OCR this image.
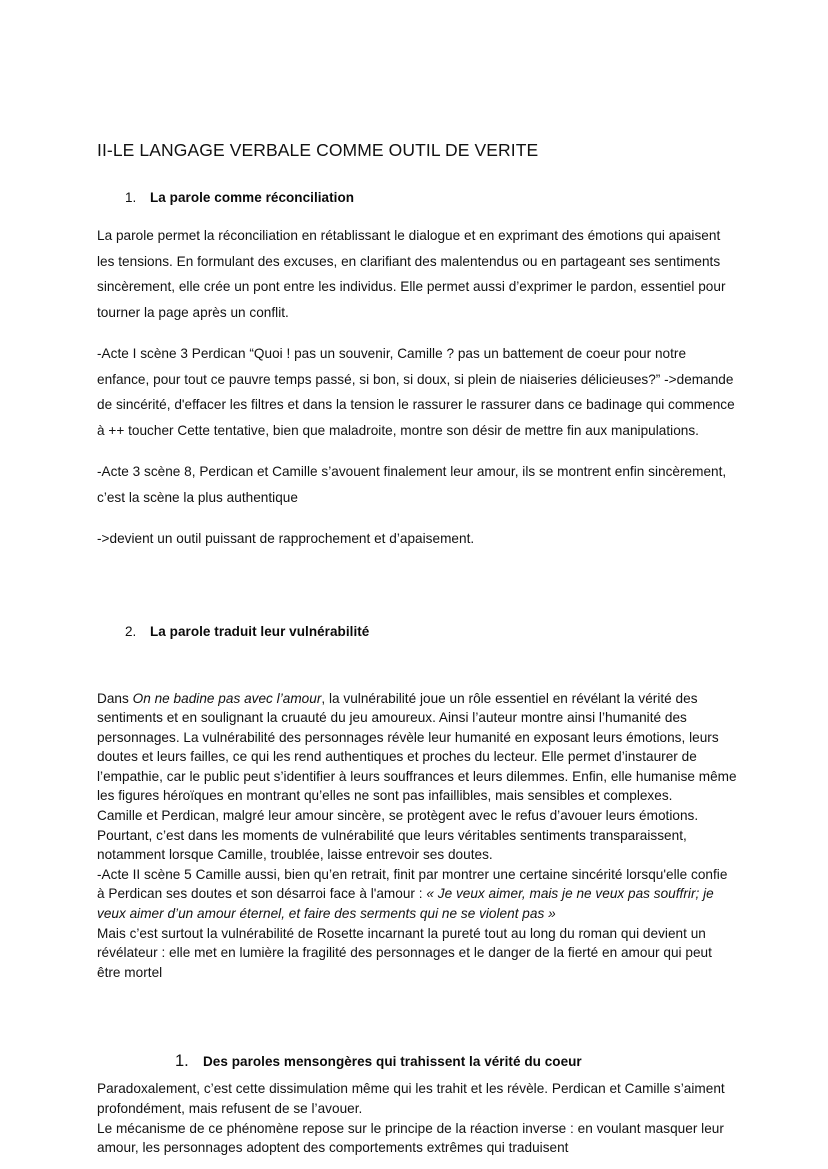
II-LE LANGAGE VERBALE COMME OUTIL DE VERITE
1.	La parole comme réconciliation

La parole permet la réconciliation en rétablissant le dialogue et en exprimant des émotions qui apaisent les tensions. En formulant des excuses, en clarifiant des malentendus ou en partageant ses sentiments sincèrement, elle crée un pont entre les individus. Elle permet aussi d’exprimer le pardon, essentiel pour tourner la page après un conflit.

-Acte I scène 3 Perdican “Quoi ! pas un souvenir, Camille ? pas un battement de coeur pour notre enfance, pour tout ce pauvre temps passé, si bon, si doux, si plein de niaiseries délicieuses?” ->demande de sincérité, d'effacer les filtres et dans la tension le rassurer le rassurer dans ce badinage qui commence à ++ toucher Cette tentative, bien que maladroite, montre son désir de mettre fin aux manipulations.

-Acte 3 scène 8, Perdican et Camille s’avouent finalement leur amour, ils se montrent enfin sincèrement, c’est la scène la plus authentique

->devient un outil puissant de rapprochement et d’apaisement.

2.	La parole traduit leur vulnérabilité

Dans On ne badine pas avec l’amour, la vulnérabilité joue un rôle essentiel en révélant la vérité des sentiments et en soulignant la cruauté du jeu amoureux. Ainsi l’auteur montre ainsi l’humanité des personnages. La vulnérabilité des personnages révèle leur humanité en exposant leurs émotions, leurs doutes et leurs failles, ce qui les rend authentiques et proches du lecteur. Elle permet d’instaurer de l’empathie, car le public peut s’identifier à leurs souffrances et leurs dilemmes. Enfin, elle humanise même les figures héroïques en montrant qu’elles ne sont pas infaillibles, mais sensibles et complexes.

Camille et Perdican, malgré leur amour sincère, se protègent avec le refus d’avouer leurs émotions. Pourtant, c’est dans les moments de vulnérabilité que leurs véritables sentiments transparaissent, notamment lorsque Camille, troublée, laisse entrevoir ses doutes.

-Acte II scène 5 Camille aussi, bien qu’en retrait, finit par montrer une certaine sincérité lorsqu'elle confie à Perdican ses doutes et son désarroi face à l'amour : « Je veux aimer, mais je ne veux pas souffrir; je veux aimer d’un amour éternel, et faire des serments qui ne se violent pas »

Mais c’est surtout la vulnérabilité de Rosette incarnant la pureté tout au long du roman qui devient un révélateur : elle met en lumière la fragilité des personnages et le danger de la fierté en amour qui peut être mortel

1.	Des paroles mensongères qui trahissent la vérité du coeur

Paradoxalement, c’est cette dissimulation même qui les trahit et les révèle. Perdican et Camille s’aiment profondément, mais refusent de se l’avouer.

Le mécanisme de ce phénomène repose sur le principe de la réaction inverse : en voulant masquer leur amour, les personnages adoptent des comportements extrêmes qui traduisent
